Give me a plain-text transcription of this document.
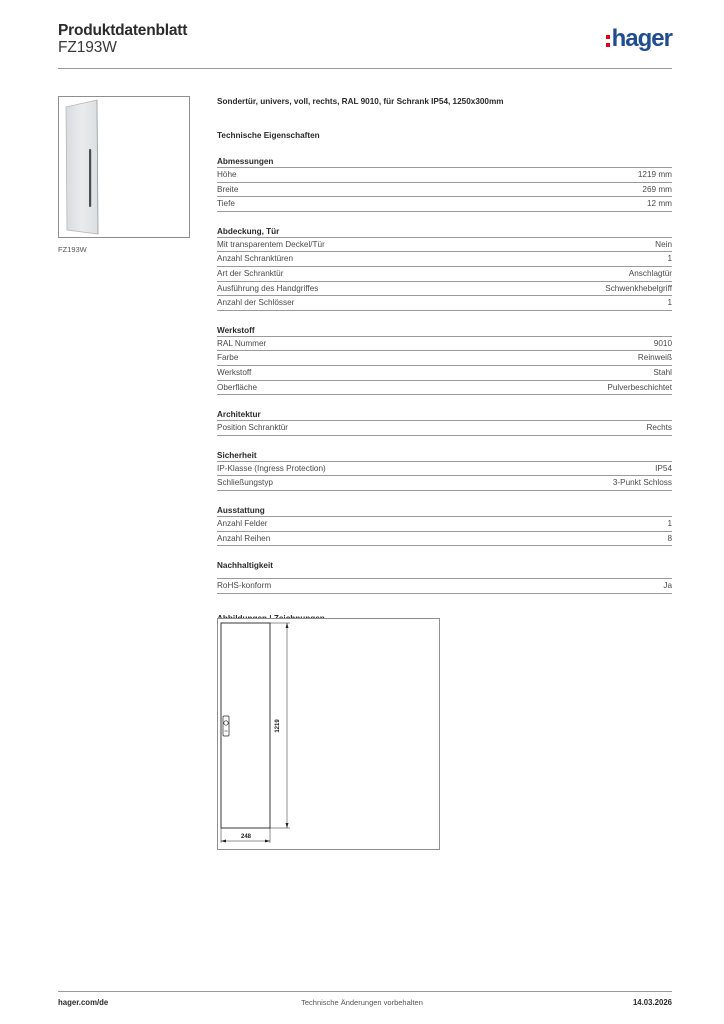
Produktdatenblatt
FZ193W	hager
FZ193W
Sondertür, univers, voll, rechts, RAL 9010, für Schrank IP54, 1250x300mm
Technische Eigenschaften
Abmessungen
Höhe	1219 mm
Breite	269 mm
Tiefe	12 mm
Abdeckung, Tür
Mit transparentem Deckel/Tür	Nein
Anzahl Schranktüren	1
Art der Schranktür	Anschlagtür
Ausführung des Handgriffes	Schwenkhebelgriff
Anzahl der Schlösser	1
Werkstoff
RAL Nummer	9010
Farbe	Reinweiß
Werkstoff	Stahl
Oberfläche	Pulverbeschichtet
Architektur
Position Schranktür	Rechts
Sicherheit
IP-Klasse (Ingress Protection)	IP54
Schließungstyp	3-Punkt Schloss
Ausstattung
Anzahl Felder	1
Anzahl Reihen	8
Nachhaltigkeit
RoHS-konform	Ja
1219
248
hager.com/de	Technische Änderungen vorbehalten	14.03.2026
